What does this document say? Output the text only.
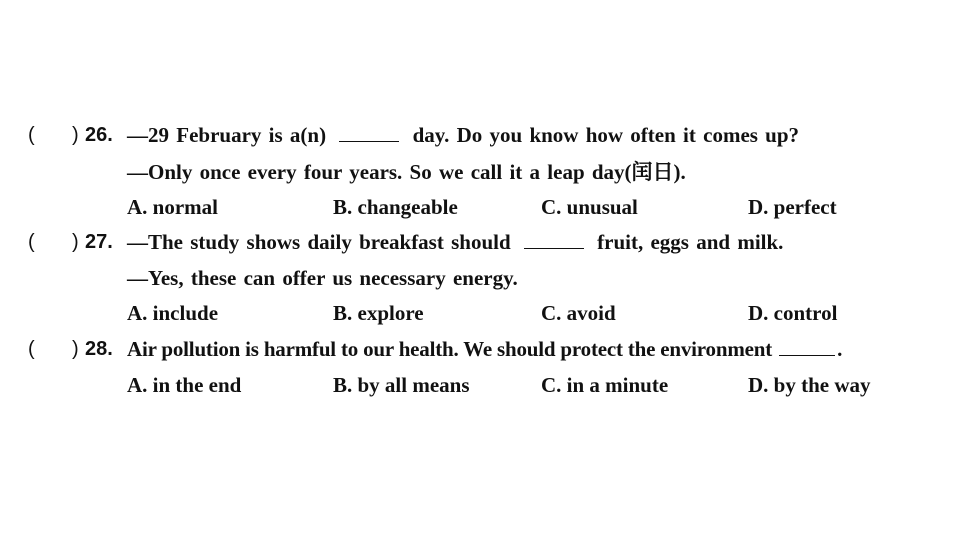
( ) 26. —29 February is a(n)	day. Do you know how often it comes up?
—Only once every four years. So we call it a leap day(闰日).
A. normal	B. changeable	C. unusual	D. perfect
( ) 27. —The study shows daily breakfast should	fruit, eggs and milk.
—Yes, these can offer us necessary energy.
A. include	B. explore	C. avoid	D. control
( ) 28. Air pollution is harmful to our health. We should protect the environment	.
A. in the end	B. by all means	C. in a minute	D. by the way
